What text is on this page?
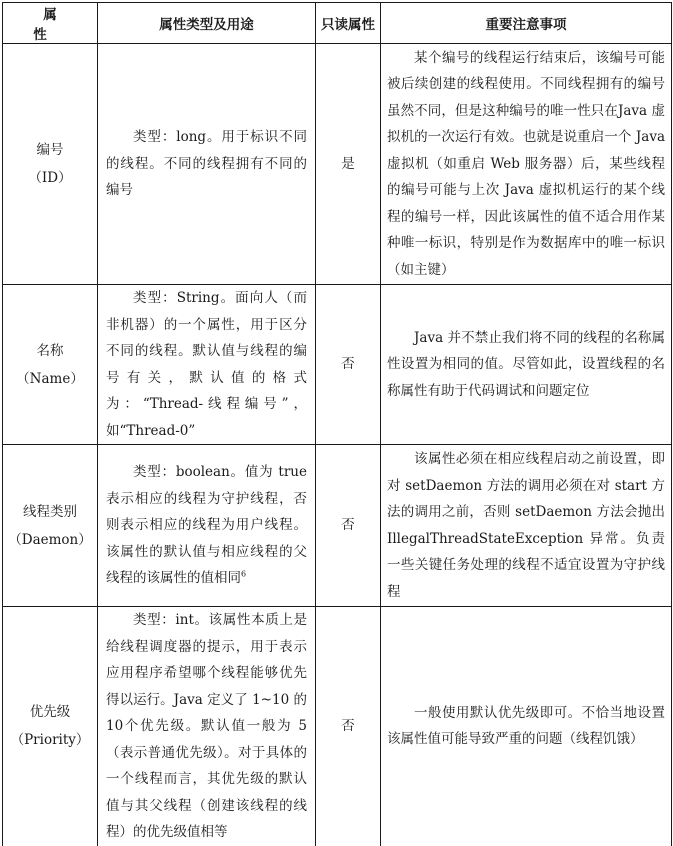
属 性	属性类型及用途	只读属性	重要注意事项

编号
（ID）	类型：long。用于标识不同的线程。不同的线程拥有不同的编号	是	某个编号的线程运行结束后，该编号可能被后续创建的线程使用。不同线程拥有的编号虽然不同，但是这种编号的唯一性只在Java 虚拟机的一次运行有效。也就是说重启一个 Java 虚拟机（如重启 Web 服务器）后，某些线程的编号可能与上次 Java 虚拟机运行的某个线程的编号一样，因此该属性的值不适合用作某种唯一标识，特别是作为数据库中的唯一标识（如主键）

名称
（Name）	类型：String。面向人（而非机器）的一个属性，用于区分不同的线程。默认值与线程的编号有关，默认值的格式为：“Thread-线程编号”，如“Thread-0”	否	Java 并不禁止我们将不同的线程的名称属性设置为相同的值。尽管如此，设置线程的名称属性有助于代码调试和问题定位

线程类别
（Daemon）	类型：boolean。值为 true 表示相应的线程为守护线程，否则表示相应的线程为用户线程。该属性的默认值与相应线程的父线程的该属性的值相同$^6$	否	该属性必须在相应线程启动之前设置，即对 setDaemon 方法的调用必须在对 start 方法的调用之前，否则 setDaemon 方法会抛出IllegalThreadStateException 异常。负责一些关键任务处理的线程不适宜设置为守护线程

优先级
（Priority）	类型：int。该属性本质上是给线程调度器的提示，用于表示应用程序希望哪个线程能够优先得以运行。Java 定义了 1~10 的 10个优先级。默认值一般为 5（表示普通优先级）。对于具体的一个线程而言，其优先级的默认值与其父线程（创建该线程的线程）的优先级值相等	否	一般使用默认优先级即可。不恰当地设置该属性值可能导致严重的问题（线程饥饿）
